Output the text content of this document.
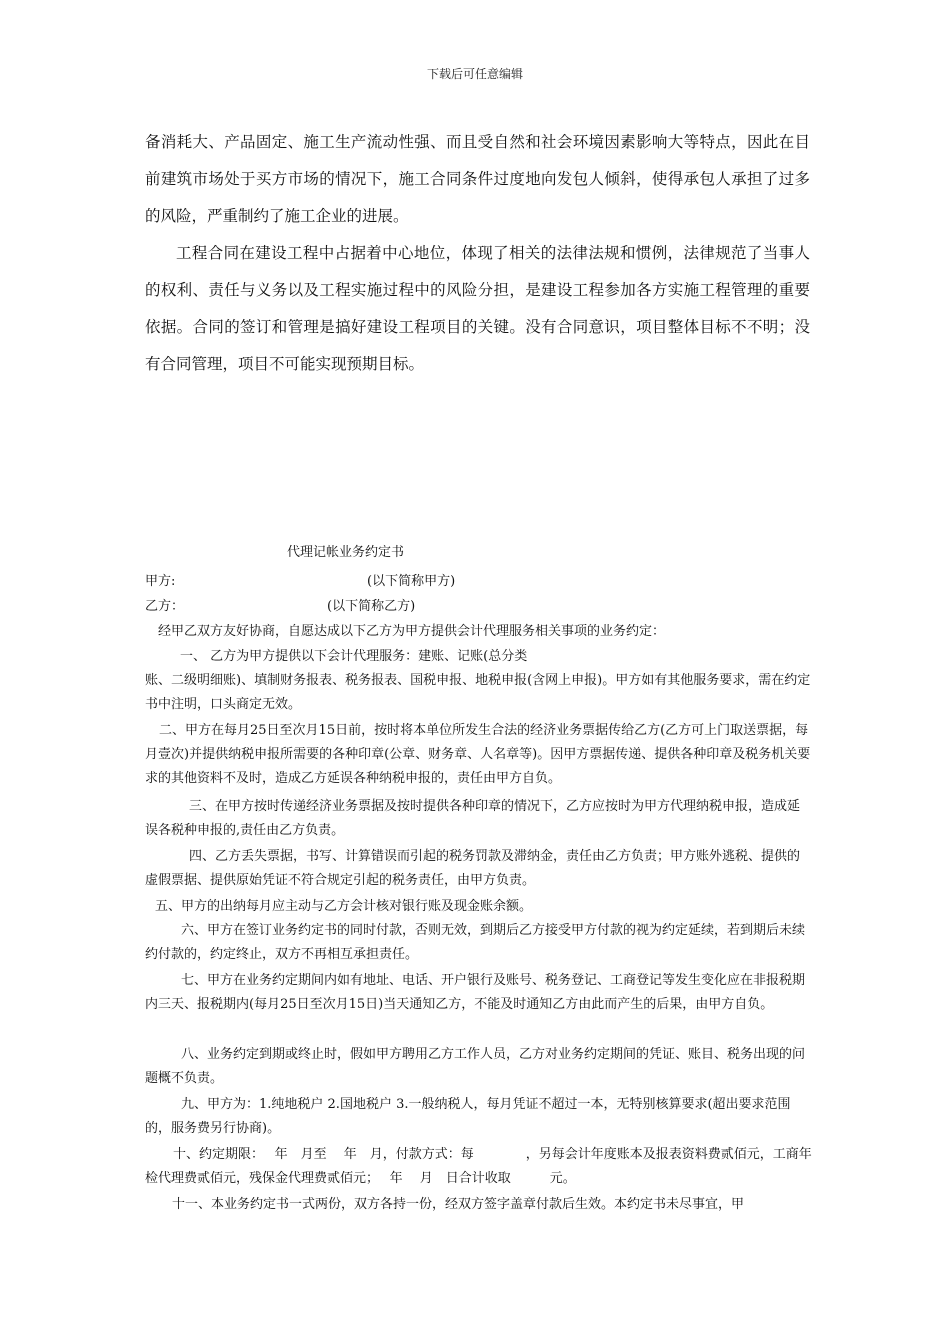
下载后可任意编辑

备消耗大、产品固定、施工生产流动性强、而且受自然和社会环境因素影响大等特点，因此在目前建筑市场处于买方市场的情况下，施工合同条件过度地向发包人倾斜，使得承包人承担了过多的风险，严重制约了施工企业的进展。

工程合同在建设工程中占据着中心地位，体现了相关的法律法规和惯例，法律规范了当事人的权利、责任与义务以及工程实施过程中的风险分担，是建设工程参加各方实施工程管理的重要依据。合同的签订和管理是搞好建设工程项目的关键。没有合同意识，项目整体目标不不明；没有合同管理，项目不可能实现预期目标。

代理记帐业务约定书
甲方:	(以下简称甲方)
乙方：	(以下简称乙方)
经甲乙双方友好协商，自愿达成以下乙方为甲方提供会计代理服务相关事项的业务约定：
一、 乙方为甲方提供以下会计代理服务：建账、记账(总分类

账、二级明细账)、填制财务报表、税务报表、国税申报、地税申报(含网上申报)。甲方如有其他服务要求，需在约定书中注明，口头商定无效。

二、甲方在每月25日至次月15日前，按时将本单位所发生合法的经济业务票据传给乙方(乙方可上门取送票据，每月壹次)并提供纳税申报所需要的各种印章(公章、财务章、人名章等)。因甲方票据传递、提供各种印章及税务机关要求的其他资料不及时，造成乙方延误各种纳税申报的，责任由甲方自负。

三、在甲方按时传递经济业务票据及按时提供各种印章的情况下，乙方应按时为甲方代理纳税申报，造成延误各税种申报的,责任由乙方负责。

四、乙方丢失票据，书写、计算错误而引起的税务罚款及滞纳金，责任由乙方负责；甲方账外逃税、提供的虚假票据、提供原始凭证不符合规定引起的税务责任，由甲方负责。

五、甲方的出纳每月应主动与乙方会计核对银行账及现金账余额。

六、甲方在签订业务约定书的同时付款，否则无效，到期后乙方接受甲方付款的视为约定延续，若到期后未续约付款的，约定终止，双方不再相互承担责任。

七、甲方在业务约定期间内如有地址、电话、开户银行及账号、税务登记、工商登记等发生变化应在非报税期内三天、报税期内(每月25日至次月15日)当天通知乙方，不能及时通知乙方由此而产生的后果，由甲方自负。

八、业务约定到期或终止时，假如甲方聘用乙方工作人员，乙方对业务约定期间的凭证、账目、税务出现的问题概不负责。

九、甲方为：1.纯地税户 2.国地税户 3.一般纳税人，每月凭证不超过一本，无特别核算要求(超出要求范围的，服务费另行协商)。

十、约定期限：　 年　月至　 年　月，付款方式：每　　　　，另每会计年度账本及报表资料费贰佰元，工商年检代理费贰佰元，残保金代理费贰佰元；　 年　 月　日合计收取　　　元。

十一、本业务约定书一式两份，双方各持一份，经双方签字盖章付款后生效。本约定书未尽事宜，甲
